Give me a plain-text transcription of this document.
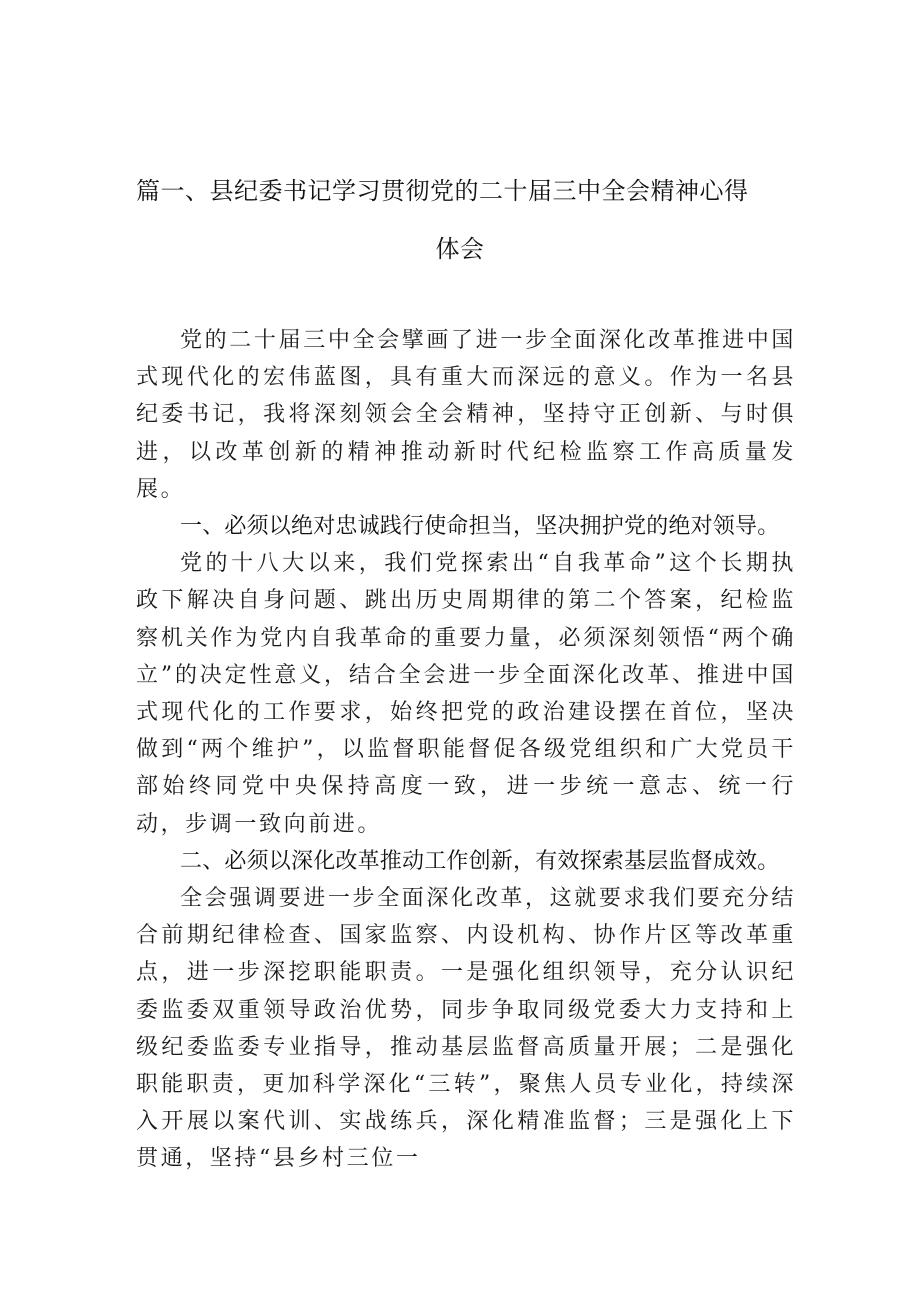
篇一、县纪委书记学习贯彻党的二十届三中全会精神心得
体会

党的二十届三中全会擘画了进一步全面深化改革推进中国式现代化的宏伟蓝图，具有重大而深远的意义。作为一名县纪委书记，我将深刻领会全会精神，坚持守正创新、与时俱进，以改革创新的精神推动新时代纪检监察工作高质量发展。

一、必须以绝对忠诚践行使命担当，坚决拥护党的绝对领导。

党的十八大以来，我们党探索出“自我革命”这个长期执政下解决自身问题、跳出历史周期律的第二个答案，纪检监察机关作为党内自我革命的重要力量，必须深刻领悟“两个确立”的决定性意义，结合全会进一步全面深化改革、推进中国式现代化的工作要求，始终把党的政治建设摆在首位，坚决做到“两个维护”，以监督职能督促各级党组织和广大党员干部始终同党中央保持高度一致，进一步统一意志、统一行动，步调一致向前进。

二、必须以深化改革推动工作创新，有效探索基层监督成效。

全会强调要进一步全面深化改革，这就要求我们要充分结合前期纪律检查、国家监察、内设机构、协作片区等改革重点，进一步深挖职能职责。一是强化组织领导，充分认识纪委监委双重领导政治优势，同步争取同级党委大力支持和上级纪委监委专业指导，推动基层监督高质量开展；二是强化职能职责，更加科学深化“三转”，聚焦人员专业化，持续深入开展以案代训、实战练兵，深化精准监督；三是强化上下贯通，坚持“县乡村三位一
